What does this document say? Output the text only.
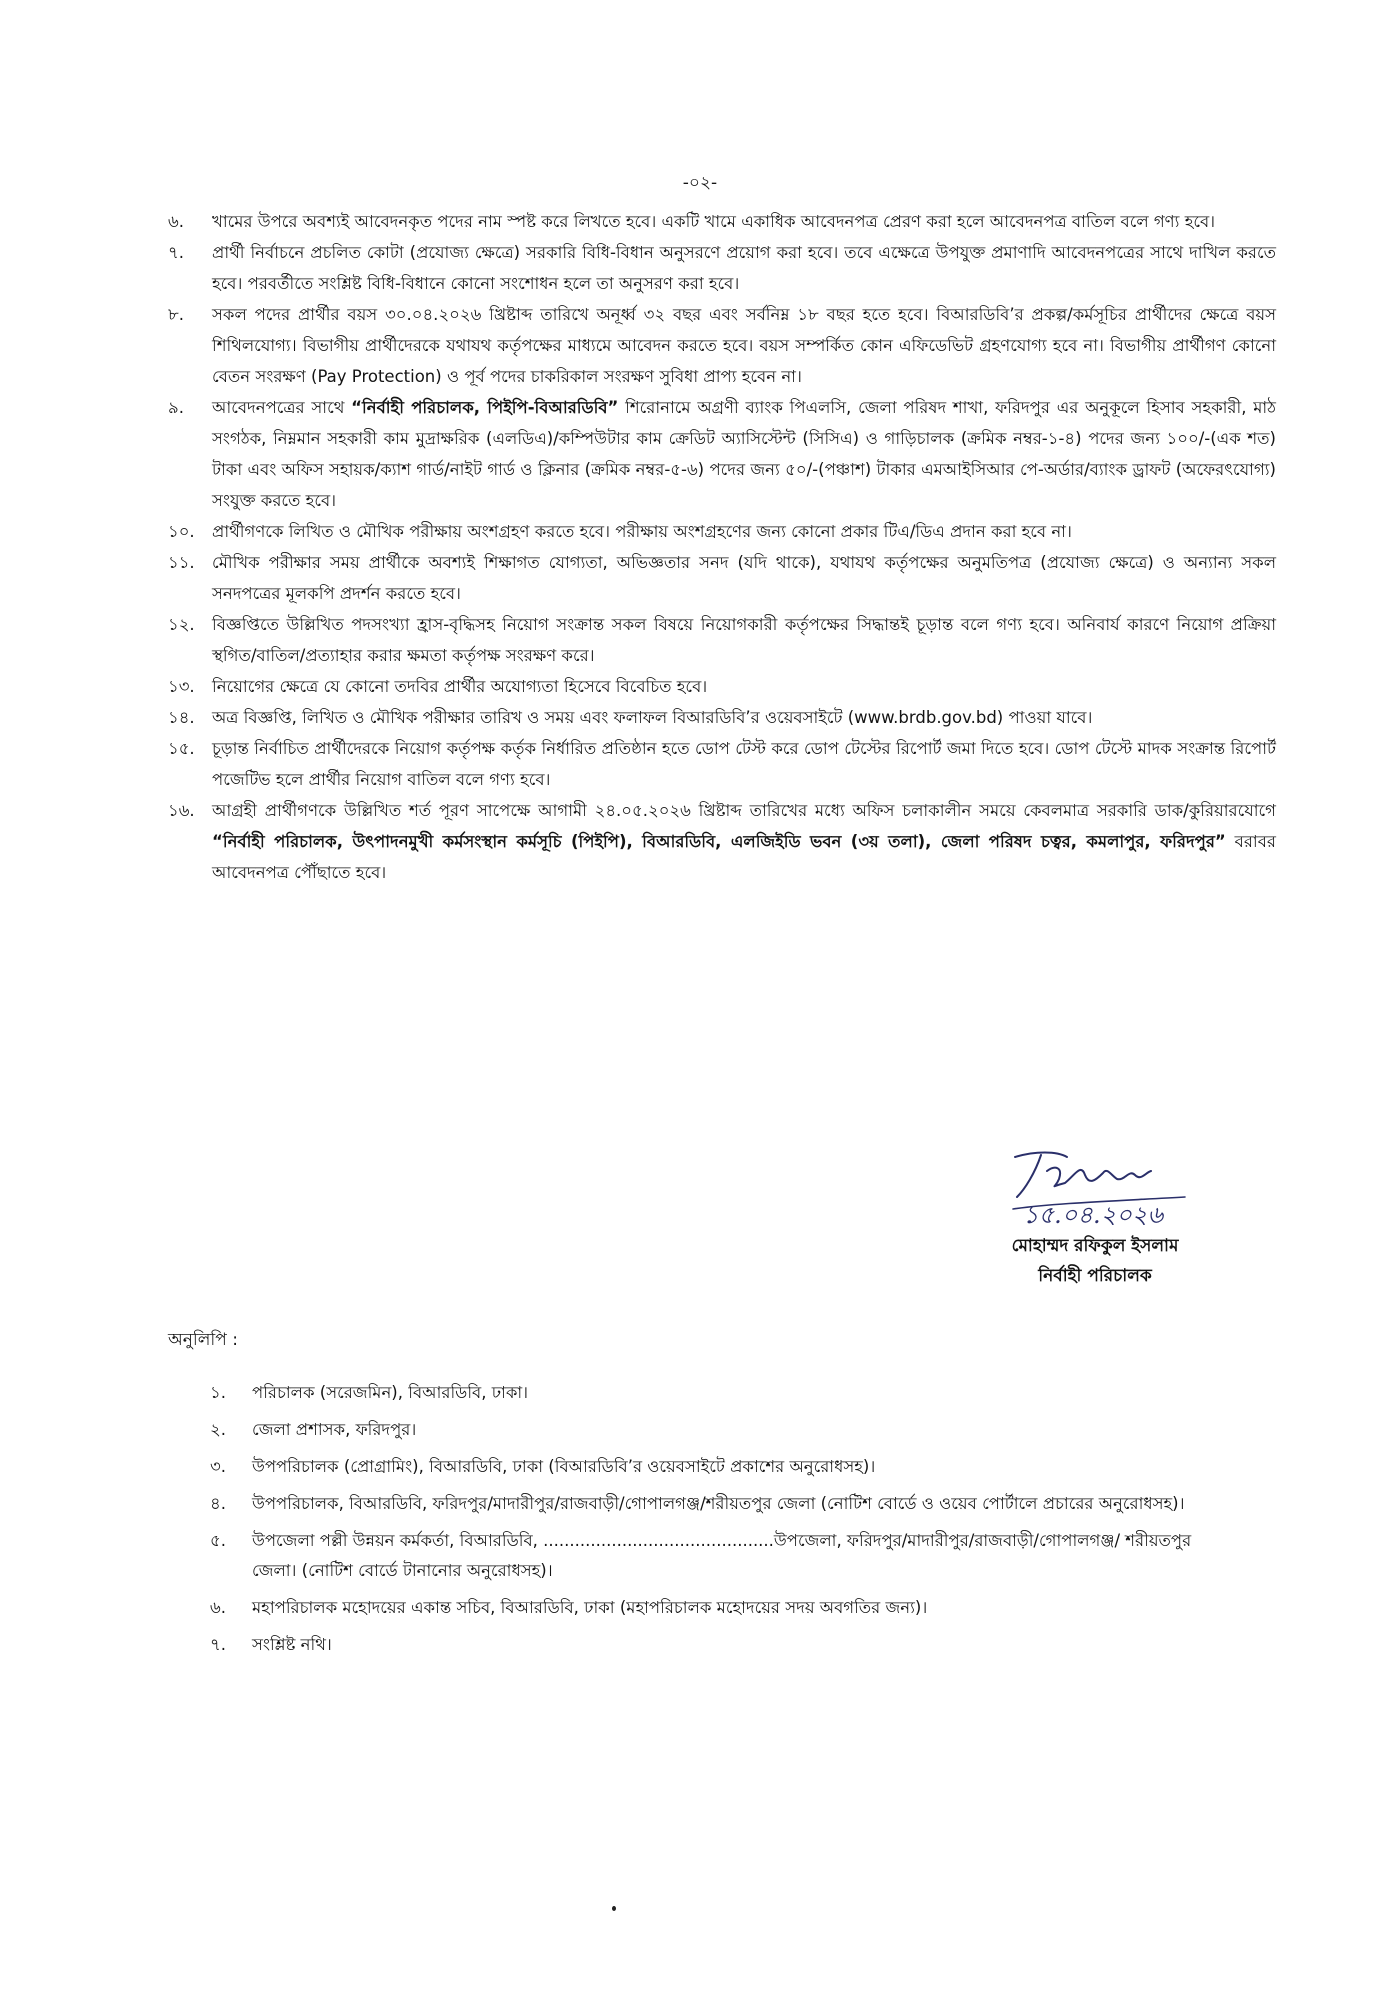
-০২-
৬.	খামের উপরে অবশ্যই আবেদনকৃত পদের নাম স্পষ্ট করে লিখতে হবে। একটি খামে একাধিক আবেদনপত্র প্রেরণ করা হলে আবেদনপত্র বাতিল বলে গণ্য হবে।
৭.	প্রার্থী নির্বাচনে প্রচলিত কোটা (প্রযোজ্য ক্ষেত্রে) সরকারি বিধি-বিধান অনুসরণে প্রয়োগ করা হবে। তবে এক্ষেত্রে উপযুক্ত প্রমাণাদি আবেদনপত্রের সাথে দাখিল করতে হবে। পরবর্তীতে সংশ্লিষ্ট বিধি-বিধানে কোনো সংশোধন হলে তা অনুসরণ করা হবে।
৮.	সকল পদের প্রার্থীর বয়স ৩০.০৪.২০২৬ খ্রিষ্টাব্দ তারিখে অনূর্ধ্ব ৩২ বছর এবং সর্বনিম্ন ১৮ বছর হতে হবে। বিআরডিবি’র প্রকল্প/কর্মসূচির প্রার্থীদের ক্ষেত্রে বয়স শিথিলযোগ্য। বিভাগীয় প্রার্থীদেরকে যথাযথ কর্তৃপক্ষের মাধ্যমে আবেদন করতে হবে। বয়স সম্পর্কিত কোন এফিডেভিট গ্রহণযোগ্য হবে না। বিভাগীয় প্রার্থীগণ কোনো বেতন সংরক্ষণ (Pay Protection) ও পূর্ব পদের চাকরিকাল সংরক্ষণ সুবিধা প্রাপ্য হবেন না।
৯.	আবেদনপত্রের সাথে “নির্বাহী পরিচালক, পিইপি-বিআরডিবি” শিরোনামে অগ্রণী ব্যাংক পিএলসি, জেলা পরিষদ শাখা, ফরিদপুর এর অনুকূলে হিসাব সহকারী, মাঠ সংগঠক, নিম্নমান সহকারী কাম মুদ্রাক্ষরিক (এলডিএ)/কম্পিউটার কাম ক্রেডিট অ্যাসিস্টেন্ট (সিসিএ) ও গাড়িচালক (ক্রমিক নম্বর-১-৪) পদের জন্য ১০০/-(এক শত) টাকা এবং অফিস সহায়ক/ক্যাশ গার্ড/নাইট গার্ড ও ক্লিনার (ক্রমিক নম্বর-৫-৬) পদের জন্য ৫০/-(পঞ্চাশ) টাকার এমআইসিআর পে-অর্ডার/ব্যাংক ড্রাফট (অফেরৎযোগ্য) সংযুক্ত করতে হবে।
১০.	প্রার্থীগণকে লিখিত ও মৌখিক পরীক্ষায় অংশগ্রহণ করতে হবে। পরীক্ষায় অংশগ্রহণের জন্য কোনো প্রকার টিএ/ডিএ প্রদান করা হবে না।
১১.	মৌখিক পরীক্ষার সময় প্রার্থীকে অবশ্যই শিক্ষাগত যোগ্যতা, অভিজ্ঞতার সনদ (যদি থাকে), যথাযথ কর্তৃপক্ষের অনুমতিপত্র (প্রযোজ্য ক্ষেত্রে) ও অন্যান্য সকল সনদপত্রের মূলকপি প্রদর্শন করতে হবে।
১২.	বিজ্ঞপ্তিতে উল্লিখিত পদসংখ্যা হ্রাস-বৃদ্ধিসহ নিয়োগ সংক্রান্ত সকল বিষয়ে নিয়োগকারী কর্তৃপক্ষের সিদ্ধান্তই চূড়ান্ত বলে গণ্য হবে। অনিবার্য কারণে নিয়োগ প্রক্রিয়া স্থগিত/বাতিল/প্রত্যাহার করার ক্ষমতা কর্তৃপক্ষ সংরক্ষণ করে।
১৩.	নিয়োগের ক্ষেত্রে যে কোনো তদবির প্রার্থীর অযোগ্যতা হিসেবে বিবেচিত হবে।
১৪.	অত্র বিজ্ঞপ্তি, লিখিত ও মৌখিক পরীক্ষার তারিখ ও সময় এবং ফলাফল বিআরডিবি’র ওয়েবসাইটে (www.brdb.gov.bd) পাওয়া যাবে।
১৫.	চূড়ান্ত নির্বাচিত প্রার্থীদেরকে নিয়োগ কর্তৃপক্ষ কর্তৃক নির্ধারিত প্রতিষ্ঠান হতে ডোপ টেস্ট করে ডোপ টেস্টের রিপোর্ট জমা দিতে হবে। ডোপ টেস্টে মাদক সংক্রান্ত রিপোর্ট পজেটিভ হলে প্রার্থীর নিয়োগ বাতিল বলে গণ্য হবে।
১৬.	আগ্রহী প্রার্থীগণকে উল্লিখিত শর্ত পূরণ সাপেক্ষে আগামী ২৪.০৫.২০২৬ খ্রিষ্টাব্দ তারিখের মধ্যে অফিস চলাকালীন সময়ে কেবলমাত্র সরকারি ডাক/কুরিয়ারযোগে “নির্বাহী পরিচালক, উৎপাদনমুখী কর্মসংস্থান কর্মসূচি (পিইপি), বিআরডিবি, এলজিইডি ভবন (৩য় তলা), জেলা পরিষদ চত্বর, কমলাপুর, ফরিদপুর” বরাবর আবেদনপত্র পৌঁছাতে হবে।
১৫.০৪.২০২৬
মোহাম্মদ রফিকুল ইসলাম
নির্বাহী পরিচালক
অনুলিপি :
১.	পরিচালক (সরেজমিন), বিআরডিবি, ঢাকা।
২.	জেলা প্রশাসক, ফরিদপুর।
৩.	উপপরিচালক (প্রোগ্রামিং), বিআরডিবি, ঢাকা (বিআরডিবি’র ওয়েবসাইটে প্রকাশের অনুরোধসহ)।
৪.	উপপরিচালক, বিআরডিবি, ফরিদপুর/মাদারীপুর/রাজবাড়ী/গোপালগঞ্জ/শরীয়তপুর জেলা (নোটিশ বোর্ডে ও ওয়েব পোর্টালে প্রচারের অনুরোধসহ)।
৫.	উপজেলা পল্লী উন্নয়ন কর্মকর্তা, বিআরডিবি, ............................................উপজেলা, ফরিদপুর/মাদারীপুর/রাজবাড়ী/গোপালগঞ্জ/ শরীয়তপুর জেলা। (নোটিশ বোর্ডে টানানোর অনুরোধসহ)।
৬.	মহাপরিচালক মহোদয়ের একান্ত সচিব, বিআরডিবি, ঢাকা (মহাপরিচালক মহোদয়ের সদয় অবগতির জন্য)।
৭.	সংশ্লিষ্ট নথি।
